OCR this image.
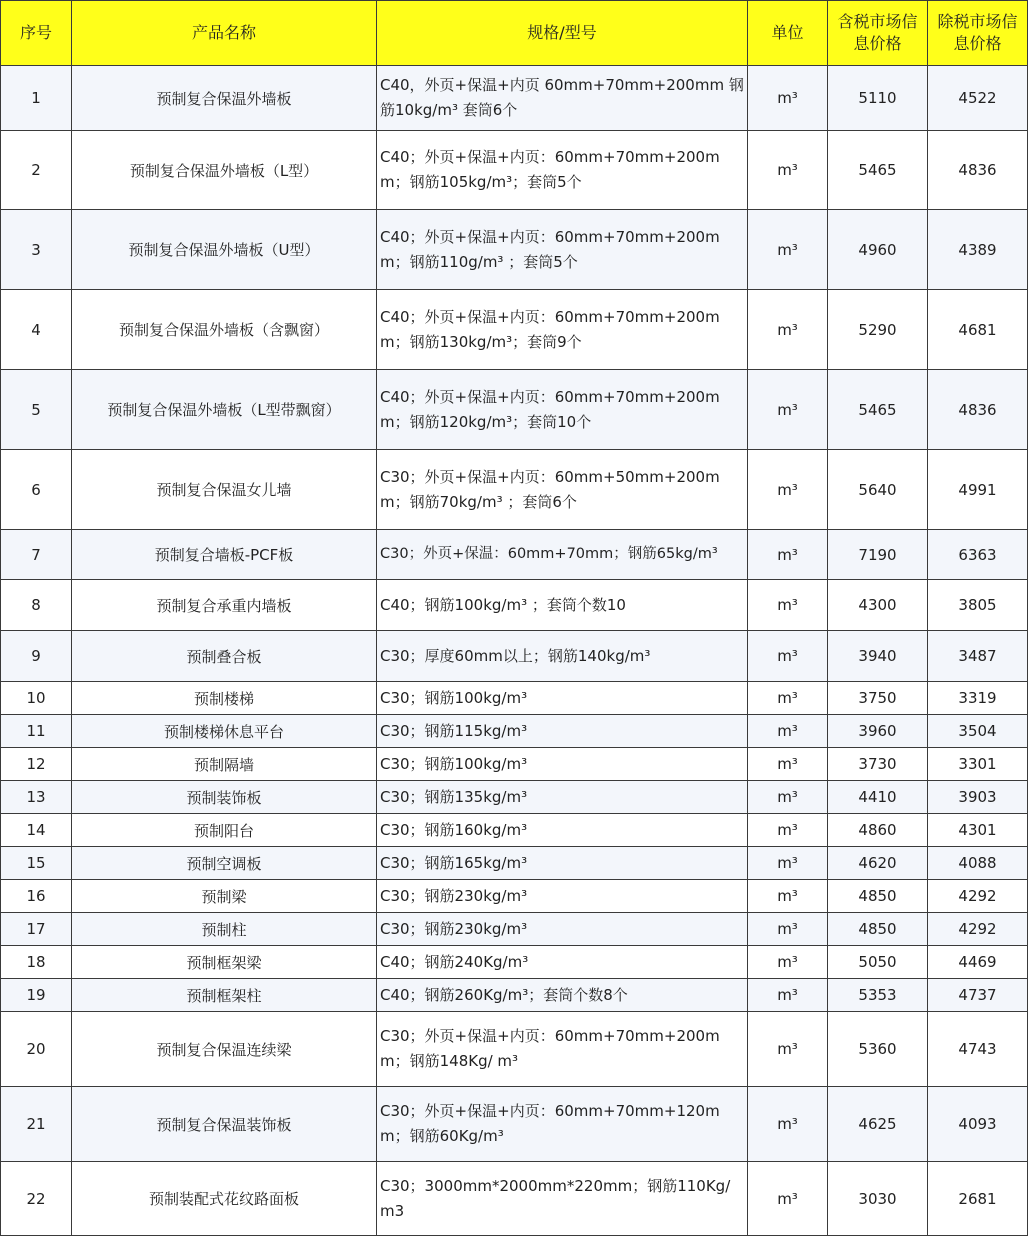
序号	产品名称	规格/型号	单位	含税市场信息价格	除税市场信息价格
1	预制复合保温外墙板	C40，外页+保温+内页 60mm+70mm+200mm 钢筋10kg/m³ 套筒6个	m³	5110	4522
2	预制复合保温外墙板（L型）	C40；外页+保温+内页：60mm+70mm+200mm；钢筋105kg/m³；套筒5个	m³	5465	4836
3	预制复合保温外墙板（U型）	C40；外页+保温+内页：60mm+70mm+200mm；钢筋110g/m³ ；套筒5个	m³	4960	4389
4	预制复合保温外墙板（含飘窗）	C40；外页+保温+内页：60mm+70mm+200mm；钢筋130kg/m³；套筒9个	m³	5290	4681
5	预制复合保温外墙板（L型带飘窗）	C40；外页+保温+内页：60mm+70mm+200mm；钢筋120kg/m³；套筒10个	m³	5465	4836
6	预制复合保温女儿墙	C30；外页+保温+内页：60mm+50mm+200mm；钢筋70kg/m³ ；套筒6个	m³	5640	4991
7	预制复合墙板-PCF板	C30；外页+保温：60mm+70mm；钢筋65kg/m³	m³	7190	6363
8	预制复合承重内墙板	C40；钢筋100kg/m³ ；套筒个数10	m³	4300	3805
9	预制叠合板	C30；厚度60mm以上；钢筋140kg/m³	m³	3940	3487
10	预制楼梯	C30；钢筋100kg/m³	m³	3750	3319
11	预制楼梯休息平台	C30；钢筋115kg/m³	m³	3960	3504
12	预制隔墙	C30；钢筋100kg/m³	m³	3730	3301
13	预制装饰板	C30；钢筋135kg/m³	m³	4410	3903
14	预制阳台	C30；钢筋160kg/m³	m³	4860	4301
15	预制空调板	C30；钢筋165kg/m³	m³	4620	4088
16	预制梁	C30；钢筋230kg/m³	m³	4850	4292
17	预制柱	C30；钢筋230kg/m³	m³	4850	4292
18	预制框架梁	C40；钢筋240Kg/m³	m³	5050	4469
19	预制框架柱	C40；钢筋260Kg/m³；套筒个数8个	m³	5353	4737
20	预制复合保温连续梁	C30；外页+保温+内页：60mm+70mm+200mm；钢筋148Kg/ m³	m³	5360	4743
21	预制复合保温装饰板	C30；外页+保温+内页：60mm+70mm+120mm；钢筋60Kg/m³	m³	4625	4093
22	预制装配式花纹路面板	C30；3000mm*2000mm*220mm；钢筋110Kg/m3	m³	3030	2681
